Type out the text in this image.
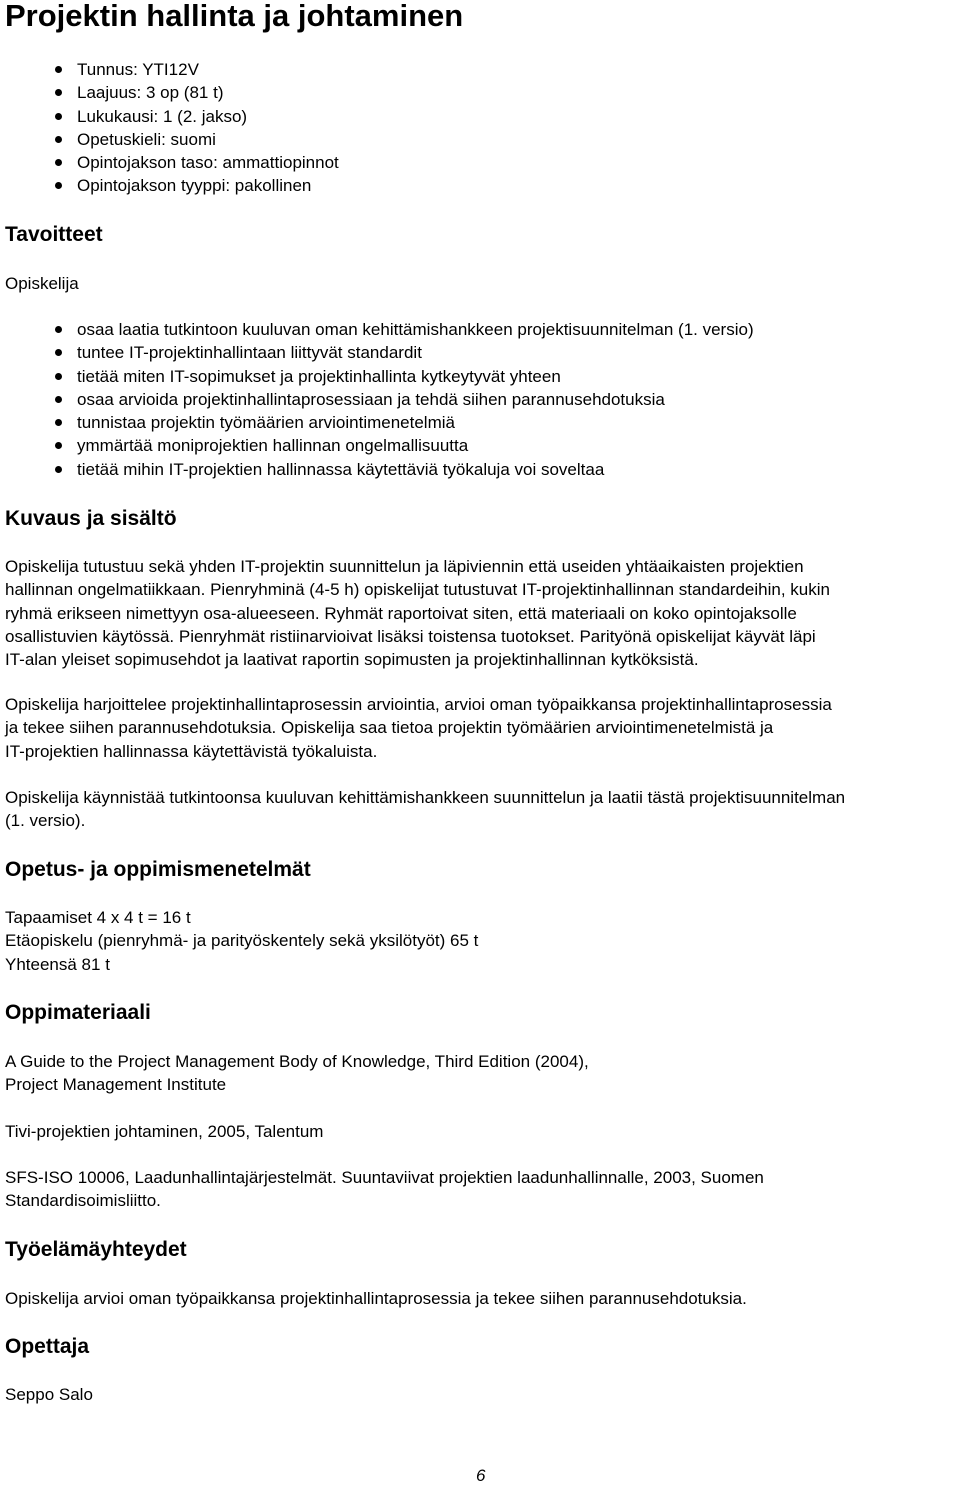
Projektin hallinta ja johtaminen
Tunnus: YTI12V
Laajuus: 3 op (81 t)
Lukukausi: 1 (2. jakso)
Opetuskieli: suomi
Opintojakson taso: ammattiopinnot
Opintojakson tyyppi: pakollinen
Tavoitteet

Opiskelija

osaa laatia tutkintoon kuuluvan oman kehittämishankkeen projektisuunnitelman (1. versio)
tuntee IT-projektinhallintaan liittyvät standardit
tietää miten IT-sopimukset ja projektinhallinta kytkeytyvät yhteen
osaa arvioida projektinhallintaprosessiaan ja tehdä siihen parannusehdotuksia
tunnistaa projektin työmäärien arviointimenetelmiä
ymmärtää moniprojektien hallinnan ongelmallisuutta
tietää mihin IT-projektien hallinnassa käytettäviä työkaluja voi soveltaa
Kuvaus ja sisältö
Opiskelija tutustuu sekä yhden IT-projektin suunnittelun ja läpiviennin että useiden yhtäaikaisten projektien
hallinnan ongelmatiikkaan. Pienryhminä (4-5 h) opiskelijat tutustuvat IT-projektinhallinnan standardeihin, kukin
ryhmä erikseen nimettyyn osa-alueeseen. Ryhmät raportoivat siten, että materiaali on koko opintojaksolle
osallistuvien käytössä. Pienryhmät ristiinarvioivat lisäksi toistensa tuotokset. Parityönä opiskelijat käyvät läpi
IT-alan yleiset sopimusehdot ja laativat raportin sopimusten ja projektinhallinnan kytköksistä.
Opiskelija harjoittelee projektinhallintaprosessin arviointia, arvioi oman työpaikkansa projektinhallintaprosessia
ja tekee siihen parannusehdotuksia. Opiskelija saa tietoa projektin työmäärien arviointimenetelmistä ja
IT-projektien hallinnassa käytettävistä työkaluista.
Opiskelija käynnistää tutkintoonsa kuuluvan kehittämishankkeen suunnittelun ja laatii tästä projektisuunnitelman
(1. versio).
Opetus- ja oppimismenetelmät
Tapaamiset 4 x 4 t = 16 t
Etäopiskelu (pienryhmä- ja parityöskentely sekä yksilötyöt) 65 t
Yhteensä 81 t
Oppimateriaali
A Guide to the Project Management Body of Knowledge, Third Edition (2004),
Project Management Institute
Tivi-projektien johtaminen, 2005, Talentum
SFS-ISO 10006, Laadunhallintajärjestelmät. Suuntaviivat projektien laadunhallinnalle, 2003, Suomen
Standardisoimisliitto.
Työelämäyhteydet
Opiskelija arvioi oman työpaikkansa projektinhallintaprosessia ja tekee siihen parannusehdotuksia.
Opettaja
Seppo Salo
6
